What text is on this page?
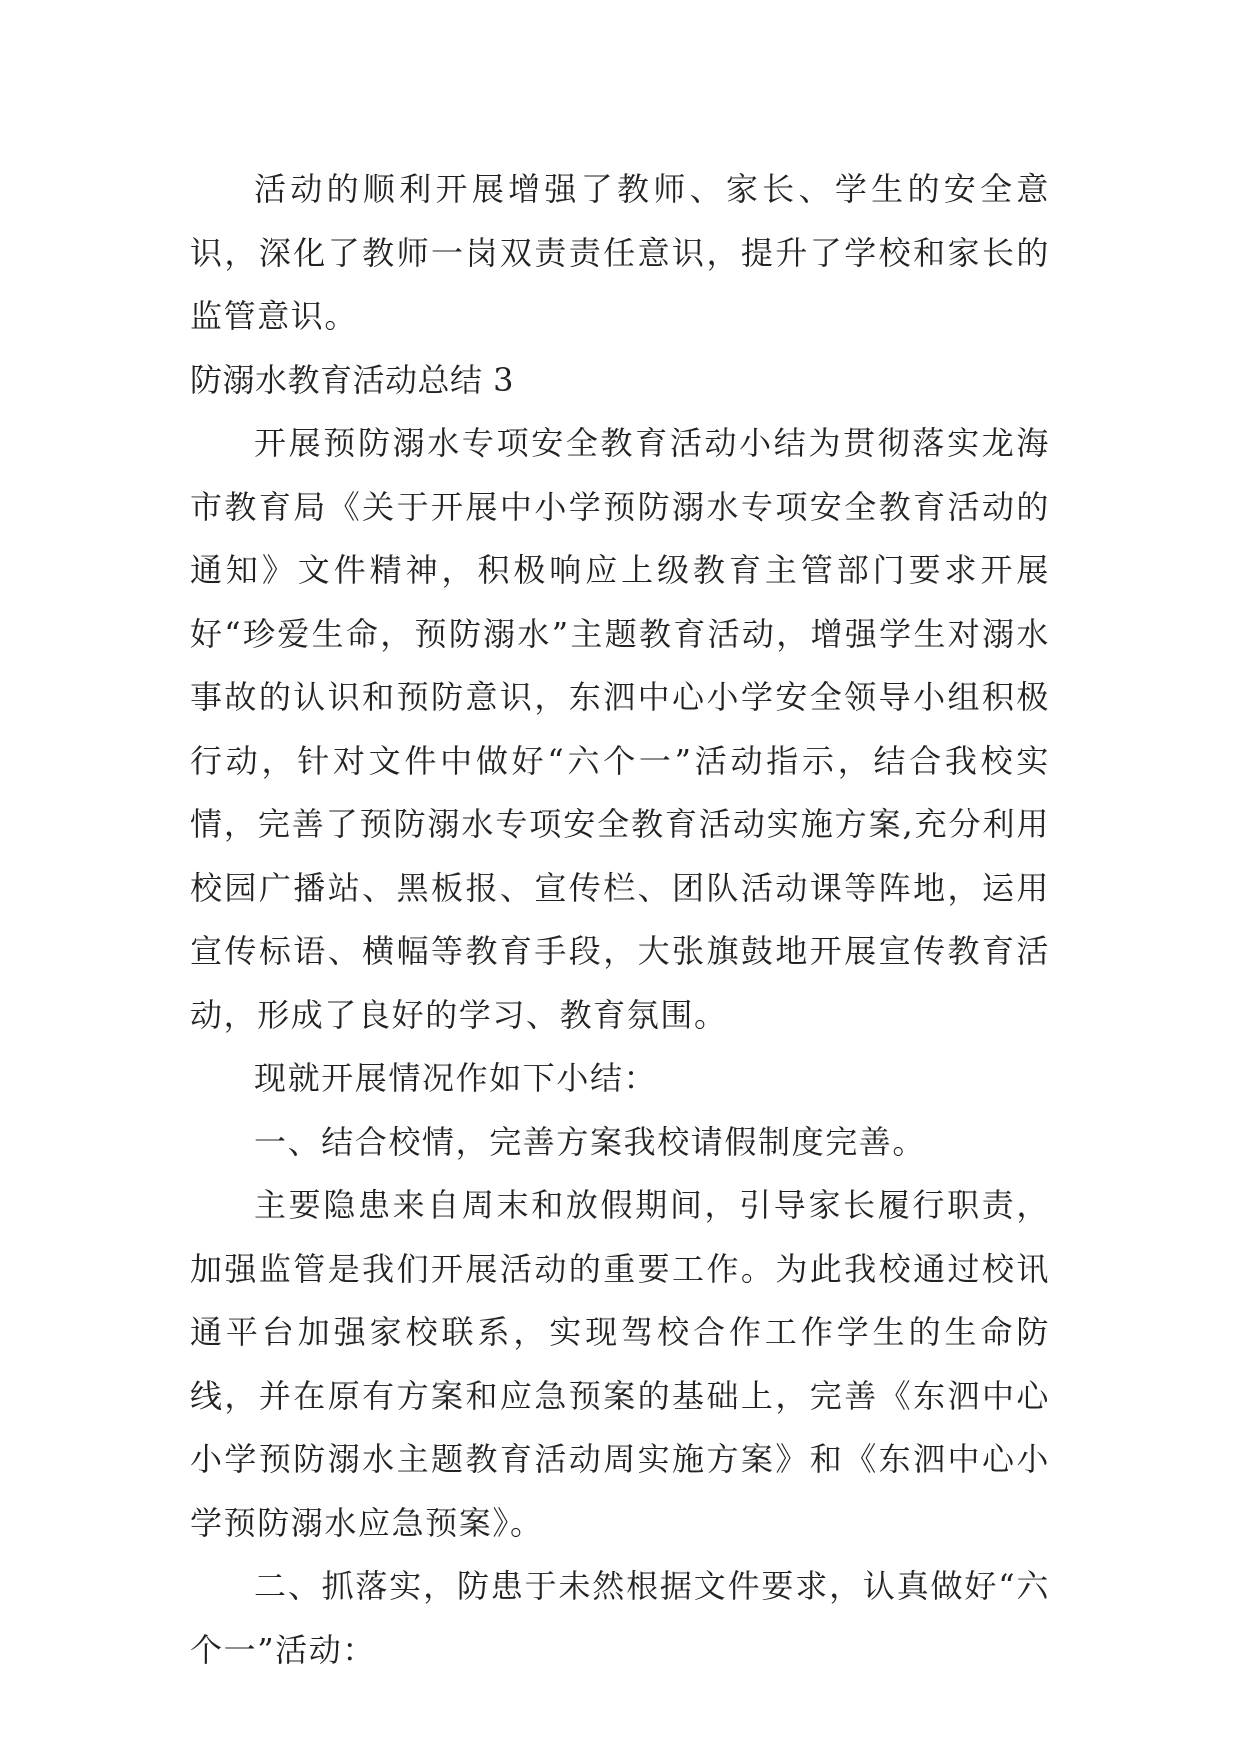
活动的顺利开展增强了教师、家长、学生的安全意识，深化了教师一岗双责责任意识，提升了学校和家长的监管意识。

防溺水教育活动总结 3

开展预防溺水专项安全教育活动小结为贯彻落实龙海市教育局《关于开展中小学预防溺水专项安全教育活动的通知》文件精神，积极响应上级教育主管部门要求开展好“珍爱生命，预防溺水”主题教育活动，增强学生对溺水事故的认识和预防意识，东泗中心小学安全领导小组积极行动，针对文件中做好“六个一”活动指示，结合我校实情，完善了预防溺水专项安全教育活动实施方案,充分利用校园广播站、黑板报、宣传栏、团队活动课等阵地，运用宣传标语、横幅等教育手段，大张旗鼓地开展宣传教育活动，形成了良好的学习、教育氛围。

现就开展情况作如下小结：

一、结合校情，完善方案我校请假制度完善。

主要隐患来自周末和放假期间，引导家长履行职责，加强监管是我们开展活动的重要工作。为此我校通过校讯通平台加强家校联系，实现驾校合作工作学生的生命防线，并在原有方案和应急预案的基础上，完善《东泗中心小学预防溺水主题教育活动周实施方案》和《东泗中心小学预防溺水应急预案》。

二、抓落实，防患于未然根据文件要求，认真做好“六个一”活动：
